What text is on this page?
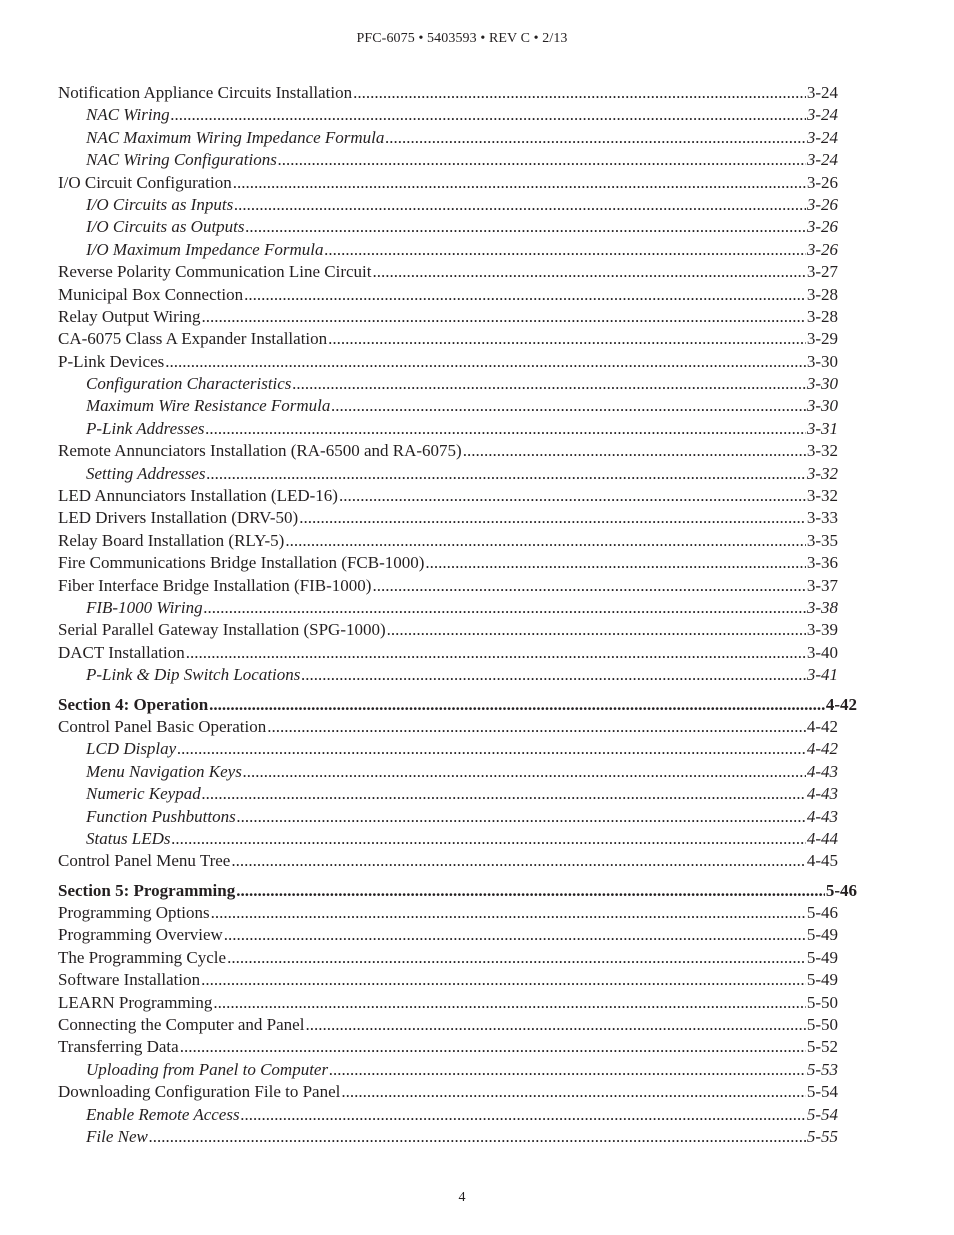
PFC-6075 • 5403593 • REV C • 2/13
Notification Appliance Circuits Installation .....	3-24
NAC Wiring .....	3-24
NAC Maximum Wiring Impedance Formula .....	3-24
NAC Wiring Configurations .....	3-24
I/O Circuit Configuration .....	3-26
I/O Circuits as Inputs .....	3-26
I/O Circuits as Outputs .....	3-26
I/O Maximum Impedance Formula .....	3-26
Reverse Polarity Communication Line Circuit .....	3-27
Municipal Box Connection .....	3-28
Relay Output Wiring .....	3-28
CA-6075 Class A Expander Installation .....	3-29
P-Link Devices .....	3-30
Configuration Characteristics .....	3-30
Maximum Wire Resistance Formula .....	3-30
P-Link Addresses .....	3-31
Remote Annunciators Installation (RA-6500 and RA-6075) .....	3-32
Setting Addresses .....	3-32
LED Annunciators Installation (LED-16) .....	3-32
LED Drivers Installation (DRV-50) .....	3-33
Relay Board Installation (RLY-5) .....	3-35
Fire Communications Bridge Installation (FCB-1000) .....	3-36
Fiber Interface Bridge Installation (FIB-1000) .....	3-37
FIB-1000 Wiring .....	3-38
Serial Parallel Gateway Installation (SPG-1000) .....	3-39
DACT Installation .....	3-40
P-Link & Dip Switch Locations .....	3-41
Section 4: Operation .....	4-42
Control Panel Basic Operation .....	4-42
LCD Display .....	4-42
Menu Navigation Keys .....	4-43
Numeric Keypad .....	4-43
Function Pushbuttons .....	4-43
Status LEDs .....	4-44
Control Panel Menu Tree .....	4-45
Section 5: Programming .....	5-46
Programming Options .....	5-46
Programming Overview .....	5-49
The Programming Cycle .....	5-49
Software Installation .....	5-49
LEARN Programming .....	5-50
Connecting the Computer and Panel .....	5-50
Transferring Data .....	5-52
Uploading from Panel to Computer .....	5-53
Downloading Configuration File to Panel .....	5-54
Enable Remote Access .....	5-54
File New .....	5-55
4
